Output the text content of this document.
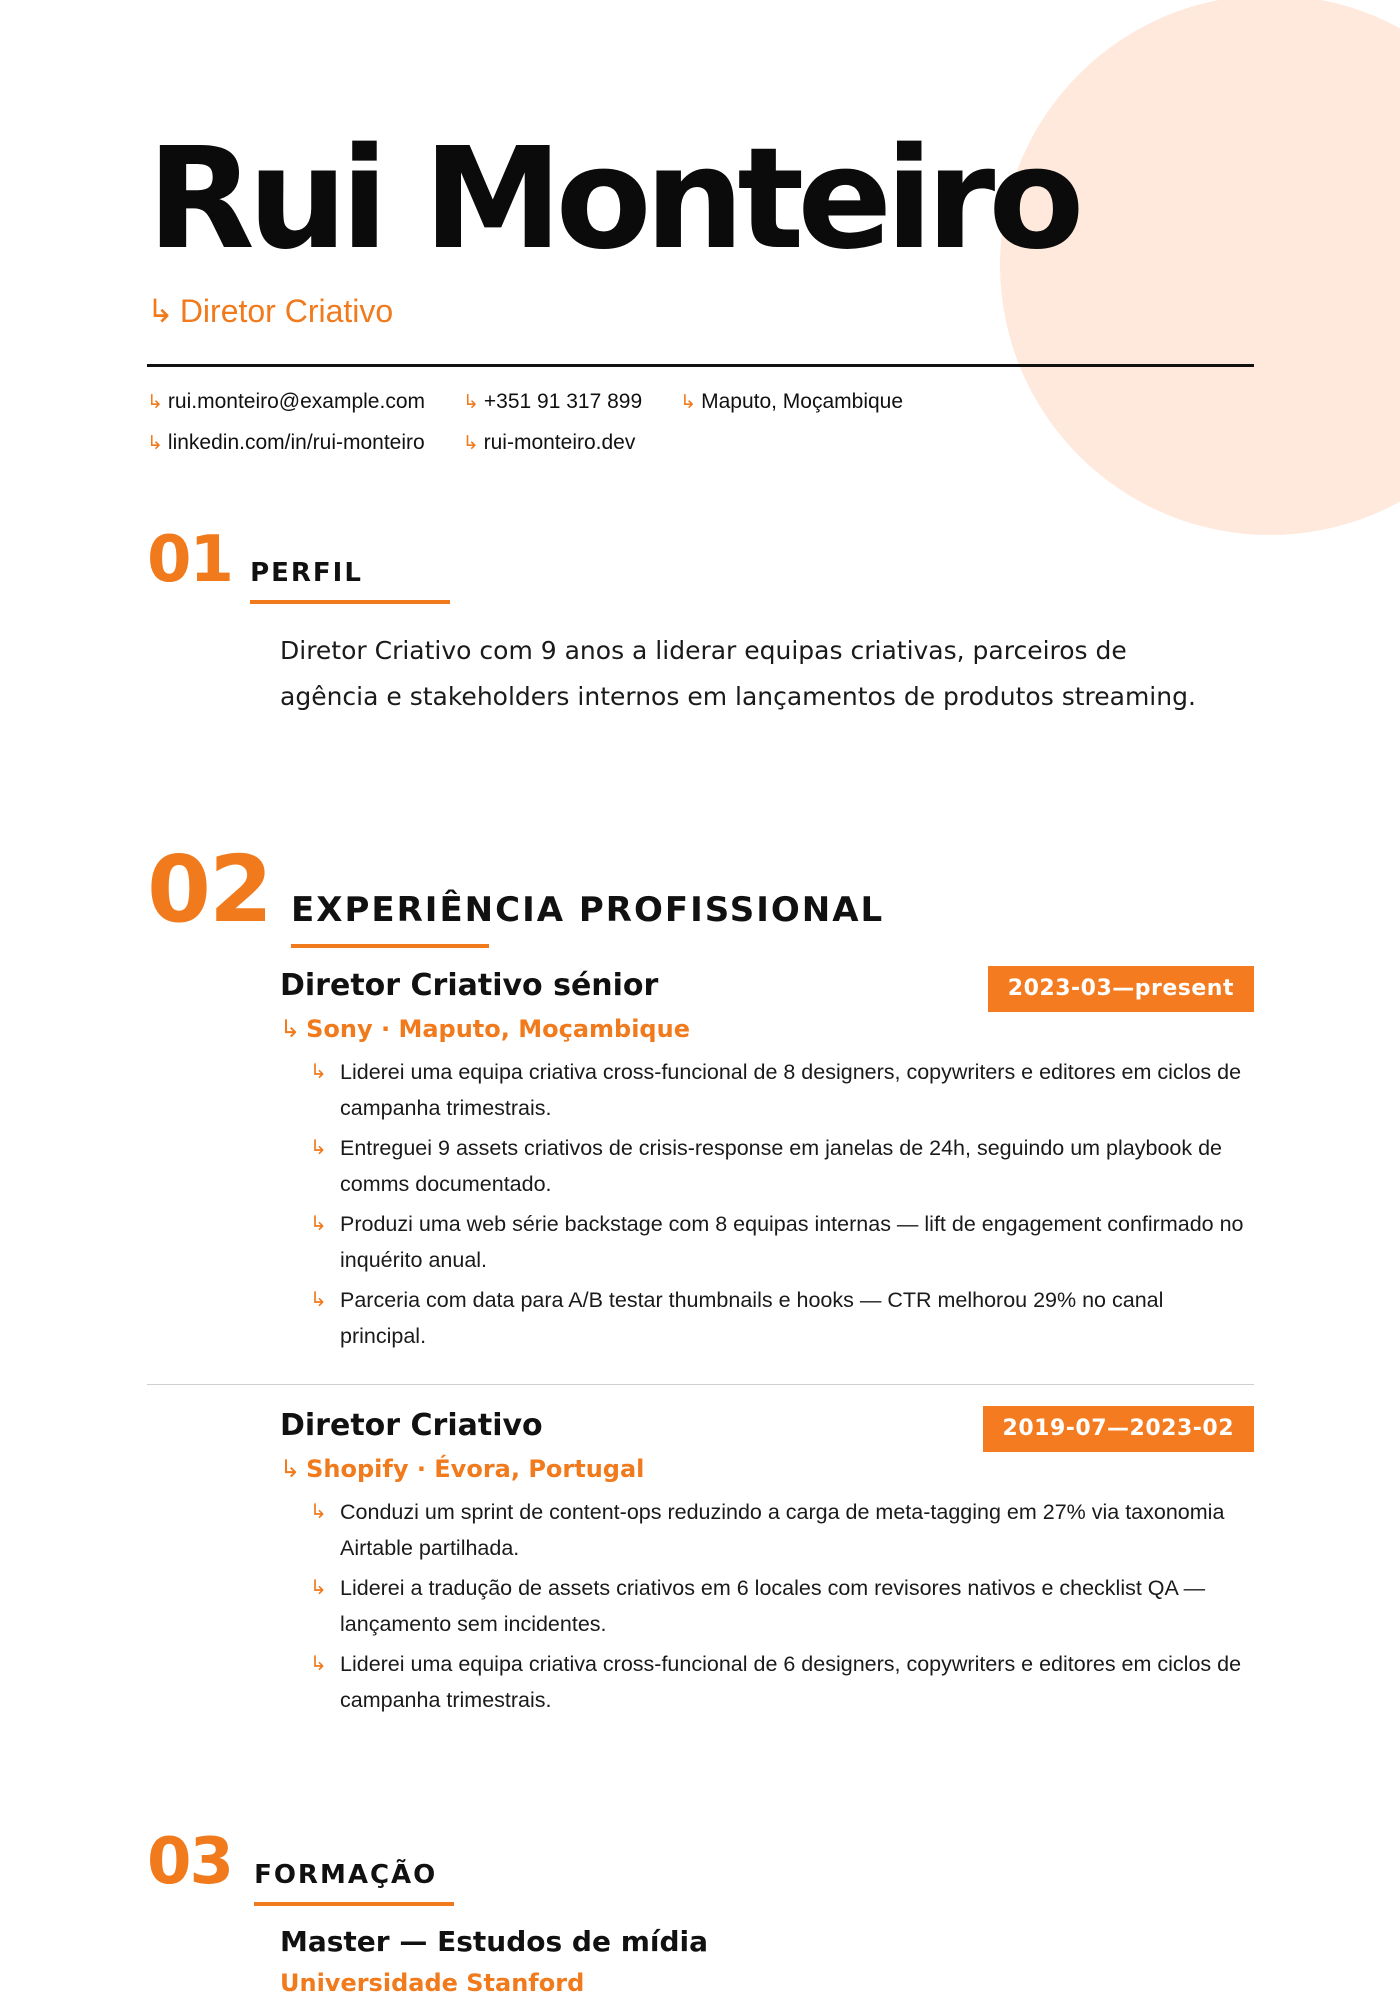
Rui Monteiro
↳ Diretor Criativo
↳ rui.monteiro@example.com ↳ +351 91 317 899 ↳ Maputo, Moçambique
↳ linkedin.com/in/rui-monteiro ↳ rui-monteiro.dev
01 PERFIL

Diretor Criativo com 9 anos a liderar equipas criativas, parceiros de agência e stakeholders internos em lançamentos de produtos streaming.

02 EXPERIÊNCIA PROFISSIONAL
Diretor Criativo sénior	2023-03—present
↳ Sony · Maputo, Moçambique
↳ Liderei uma equipa criativa cross-funcional de 8 designers, copywriters e editores em ciclos de campanha trimestrais.
↳ Entreguei 9 assets criativos de crisis-response em janelas de 24h, seguindo um playbook de comms documentado.
↳ Produzi uma web série backstage com 8 equipas internas — lift de engagement confirmado no inquérito anual.
↳ Parceria com data para A/B testar thumbnails e hooks — CTR melhorou 29% no canal principal.
Diretor Criativo	2019-07—2023-02
↳ Shopify · Évora, Portugal
↳ Conduzi um sprint de content-ops reduzindo a carga de meta-tagging em 27% via taxonomia Airtable partilhada.
↳ Liderei a tradução de assets criativos em 6 locales com revisores nativos e checklist QA — lançamento sem incidentes.
↳ Liderei uma equipa criativa cross-funcional de 6 designers, copywriters e editores em ciclos de campanha trimestrais.
03 FORMAÇÃO
Master — Estudos de mídia
Universidade Stanford
